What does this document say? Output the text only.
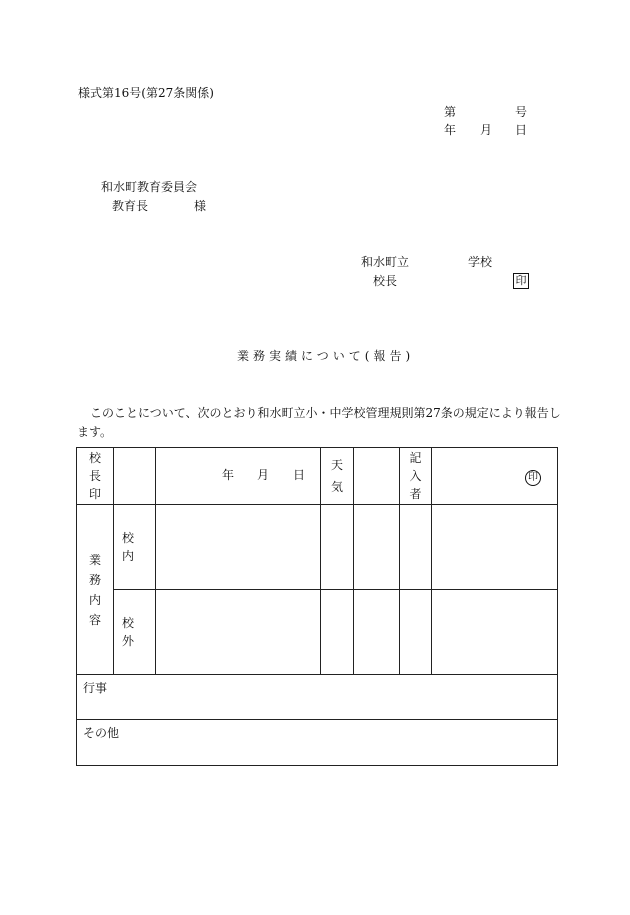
様式第16号(第27条関係)
第	号
年 月 日
和水町教育委員会
教育長	様
和水町立	学校
校長	印
業務実績について(報告)
このことについて、次のとおり和水町立小・中学校管理規則第27条の規定により報告し
ます。
校長印		年 月 日	天気		記入者	印

業務内容	校 内					

	校 外					

行事						
その他						
